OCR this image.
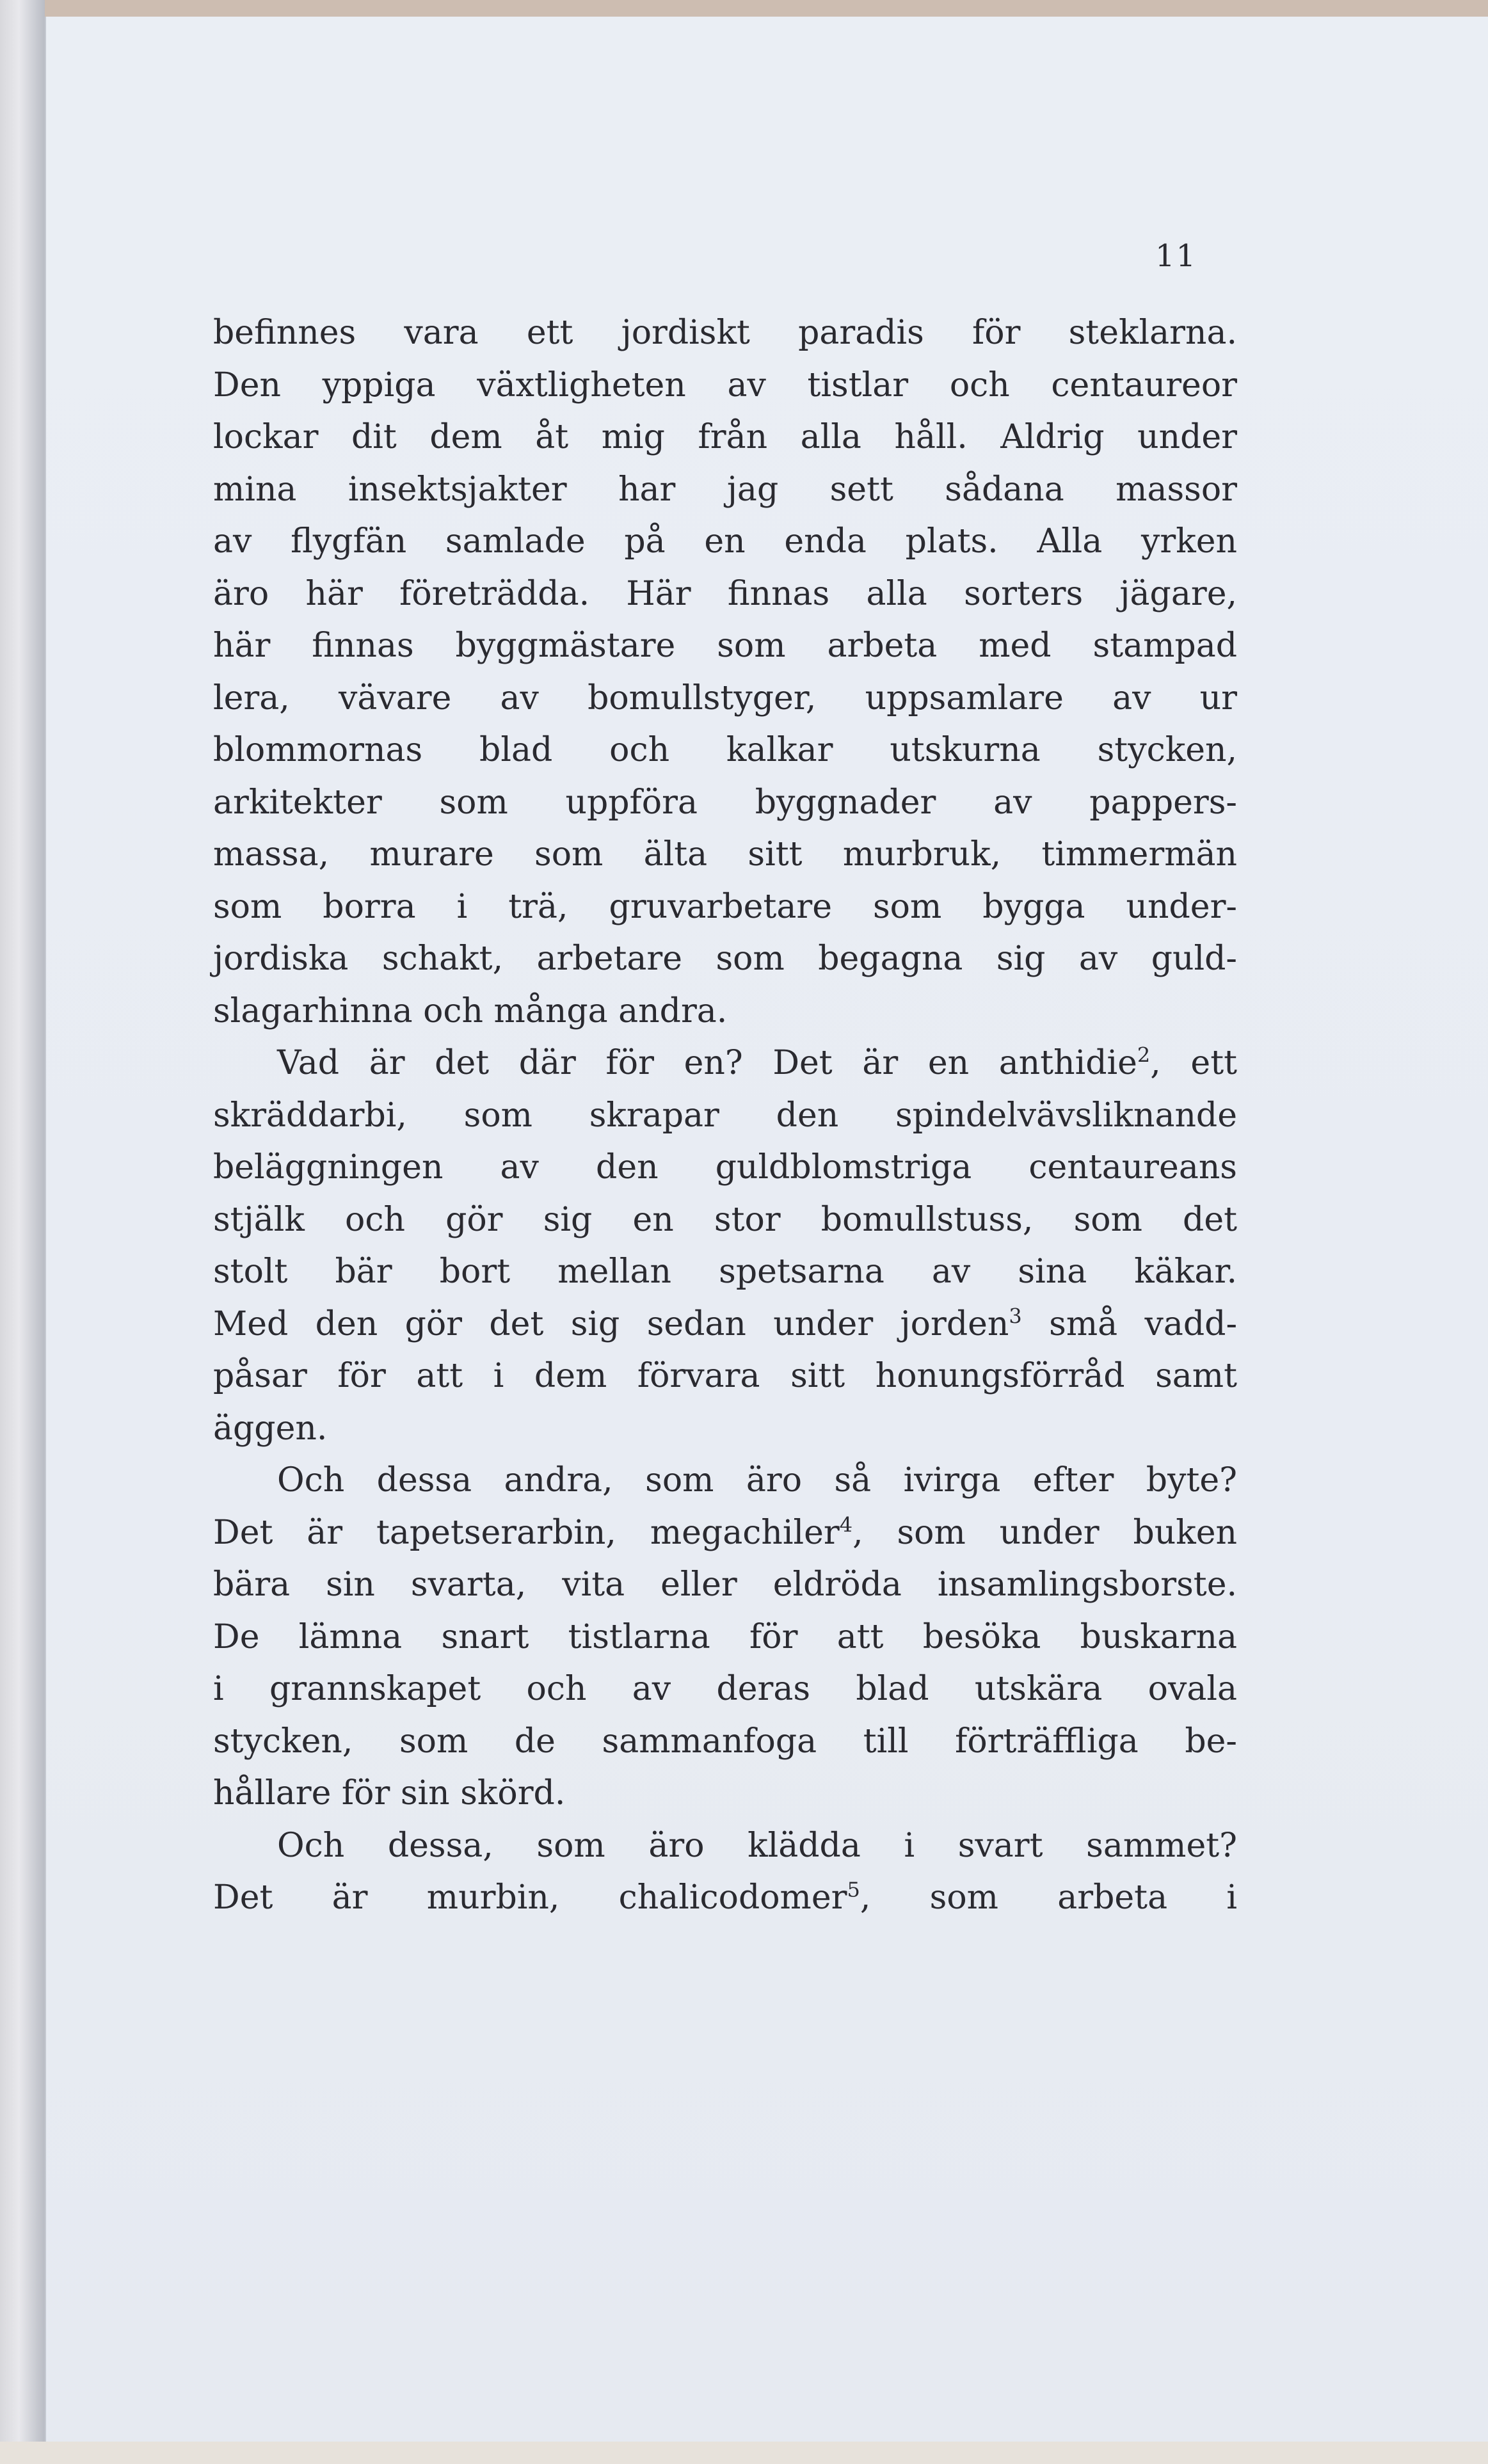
11
befinnes vara ett jordiskt paradis för steklarna.
Den yppiga växtligheten av tistlar och centaureor
lockar dit dem åt mig från alla håll. Aldrig under
mina insektsjakter har jag sett sådana massor
av flygfän samlade på en enda plats. Alla yrken
äro här företrädda. Här finnas alla sorters jägare,
här finnas byggmästare som arbeta med stampad
lera, vävare av bomullstyger, uppsamlare av ur
blommornas blad och kalkar utskurna stycken,
arkitekter som uppföra byggnader av pappers-
massa, murare som älta sitt murbruk, timmermän
som borra i trä, gruvarbetare som bygga under-
jordiska schakt, arbetare som begagna sig av guld-
slagarhinna och många andra.
Vad är det där för en? Det är en anthidie$^2$, ett
skräddarbi, som skrapar den spindelvävsliknande
beläggningen av den guldblomstriga centaureans
stjälk och gör sig en stor bomullstuss, som det
stolt bär bort mellan spetsarna av sina käkar.
Med den gör det sig sedan under jorden$^3$ små vadd-
påsar för att i dem förvara sitt honungsförråd samt
äggen.
Och dessa andra, som äro så ivirga efter byte?
Det är tapetserarbin, megachiler$^4$, som under buken
bära sin svarta, vita eller eldröda insamlingsborste.
De lämna snart tistlarna för att besöka buskarna
i grannskapet och av deras blad utskära ovala
stycken, som de sammanfoga till förträffliga be-
hållare för sin skörd.
Och dessa, som äro klädda i svart sammet?
Det är murbin, chalicodomer$^5$, som arbeta i
